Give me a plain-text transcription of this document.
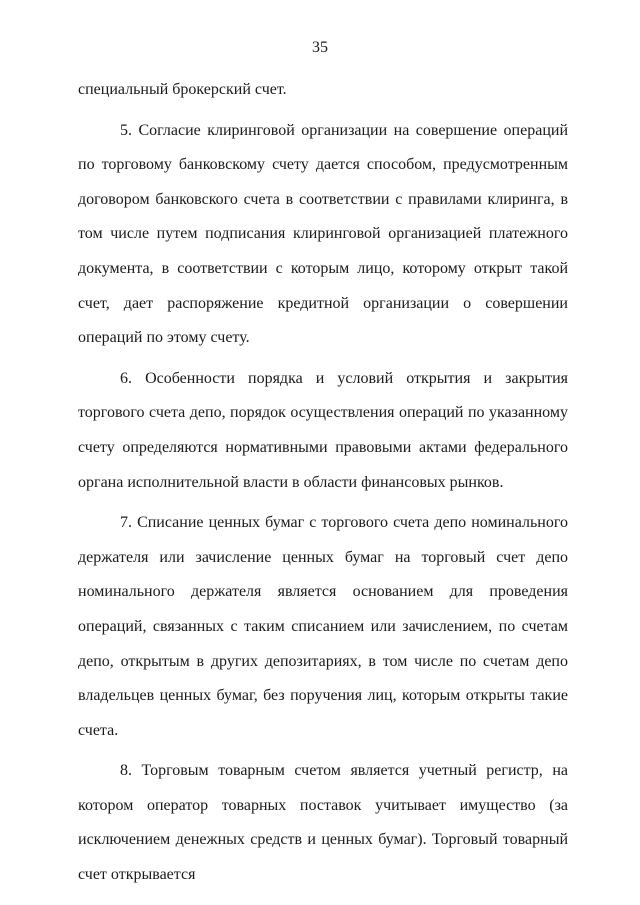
35

специальный брокерский счет.

5. Согласие клиринговой организации на совершение операций по торговому банковскому счету дается способом, предусмотренным договором банковского счета в соответствии с правилами клиринга, в том числе путем подписания клиринговой организацией платежного документа, в соответствии с которым лицо, которому открыт такой счет, дает распоряжение кредитной организации о совершении операций по этому счету.

6. Особенности порядка и условий открытия и закрытия торгового счета депо, порядок осуществления операций по указанному счету определяются нормативными правовыми актами федерального органа исполнительной власти в области финансовых рынков.

7. Списание ценных бумаг с торгового счета депо номинального держателя или зачисление ценных бумаг на торговый счет депо номинального держателя является основанием для проведения операций, связанных с таким списанием или зачислением, по счетам депо, открытым в других депозитариях, в том числе по счетам депо владельцев ценных бумаг, без поручения лиц, которым открыты такие счета.

8. Торговым товарным счетом является учетный регистр, на котором оператор товарных поставок учитывает имущество (за исключением денежных средств и ценных бумаг). Торговый товарный счет открывается
